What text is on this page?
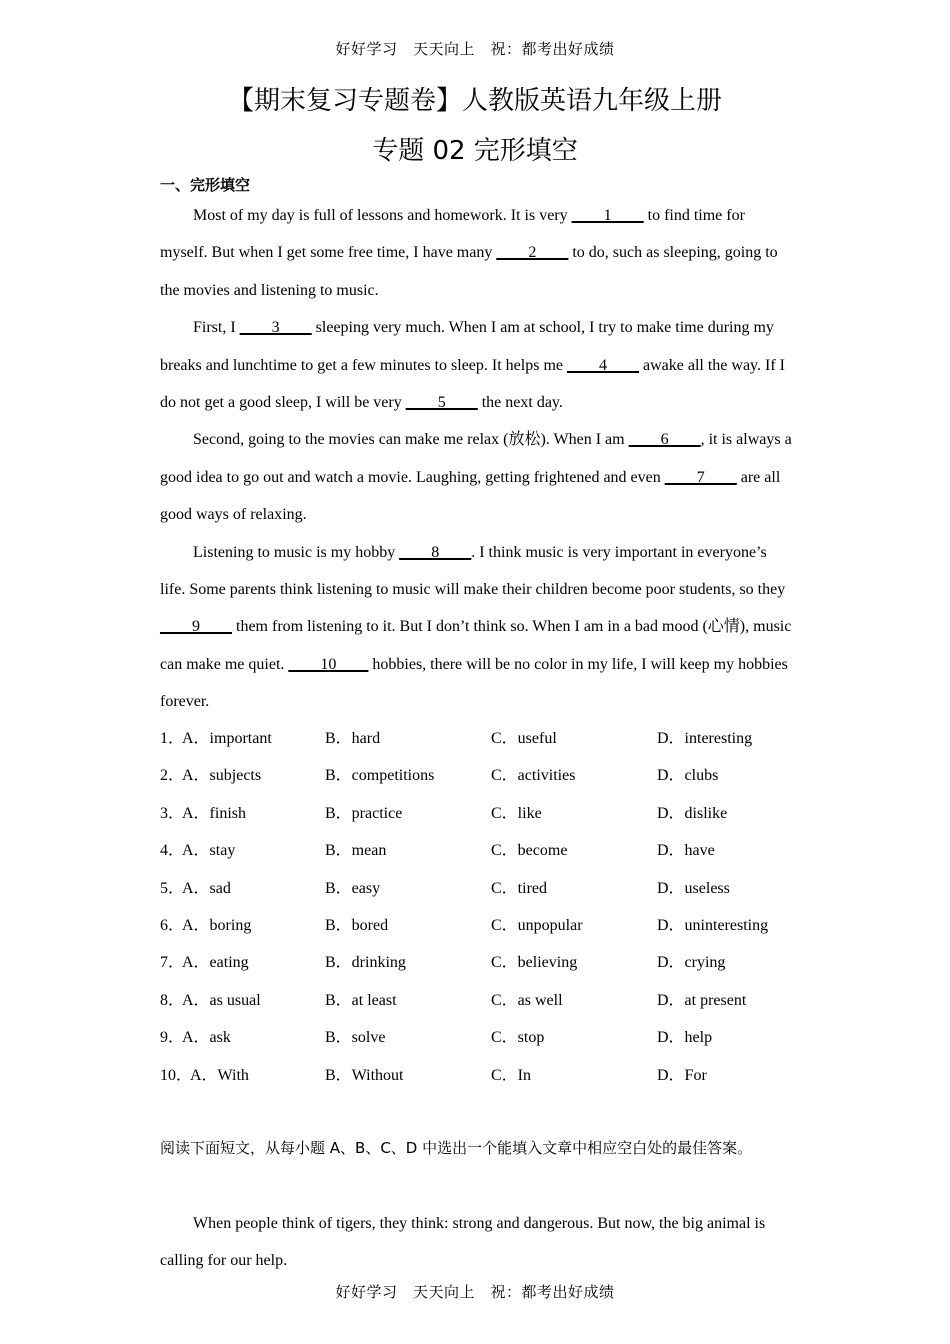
好好学习　天天向上　祝：都考出好成绩
【期末复习专题卷】人教版英语九年级上册
专题 02 完形填空
一、完形填空

Most of my day is full of lessons and homework. It is very ____1____ to find time for myself. But when I get some free time, I have many ____2____ to do, such as sleeping, going to the movies and listening to music.

First, I ____3____ sleeping very much. When I am at school, I try to make time during my breaks and lunchtime to get a few minutes to sleep. It helps me ____4____ awake all the way. If I do not get a good sleep, I will be very ____5____ the next day.

Second, going to the movies can make me relax (放松). When I am ____6____, it is always a good idea to go out and watch a movie. Laughing, getting frightened and even ____7____ are all good ways of relaxing.

Listening to music is my hobby ____8____. I think music is very important in everyone’s life. Some parents think listening to music will make their children become poor students, so they ____9____ them from listening to it. But I don’t think so. When I am in a bad mood (心情), music can make me quiet. ____10____ hobbies, there will be no color in my life, I will keep my hobbies forever.

1．
A．important	B．hard	C．useful	D．interesting
2．
A．subjects	B．competitions	C．activities	D．clubs
3．
A．finish	B．practice	C．like	D．dislike
4．
A．stay	B．mean	C．become	D．have
5．
A．sad	B．easy	C．tired	D．useless
6．
A．boring	B．bored	C．unpopular	D．uninteresting
7．
A．eating	B．drinking	C．believing	D．crying
8．
A．as usual	B．at least	C．as well	D．at present
9．
A．ask	B．solve	C．stop	D．help
10．
A．With	B．Without	C．In	D．For
阅读下面短文，从每小题 A、B、C、D 中选出一个能填入文章中相应空白处的最佳答案。

When people think of tigers, they think: strong and dangerous. But now, the big animal is calling for our help.

好好学习　天天向上　祝：都考出好成绩
